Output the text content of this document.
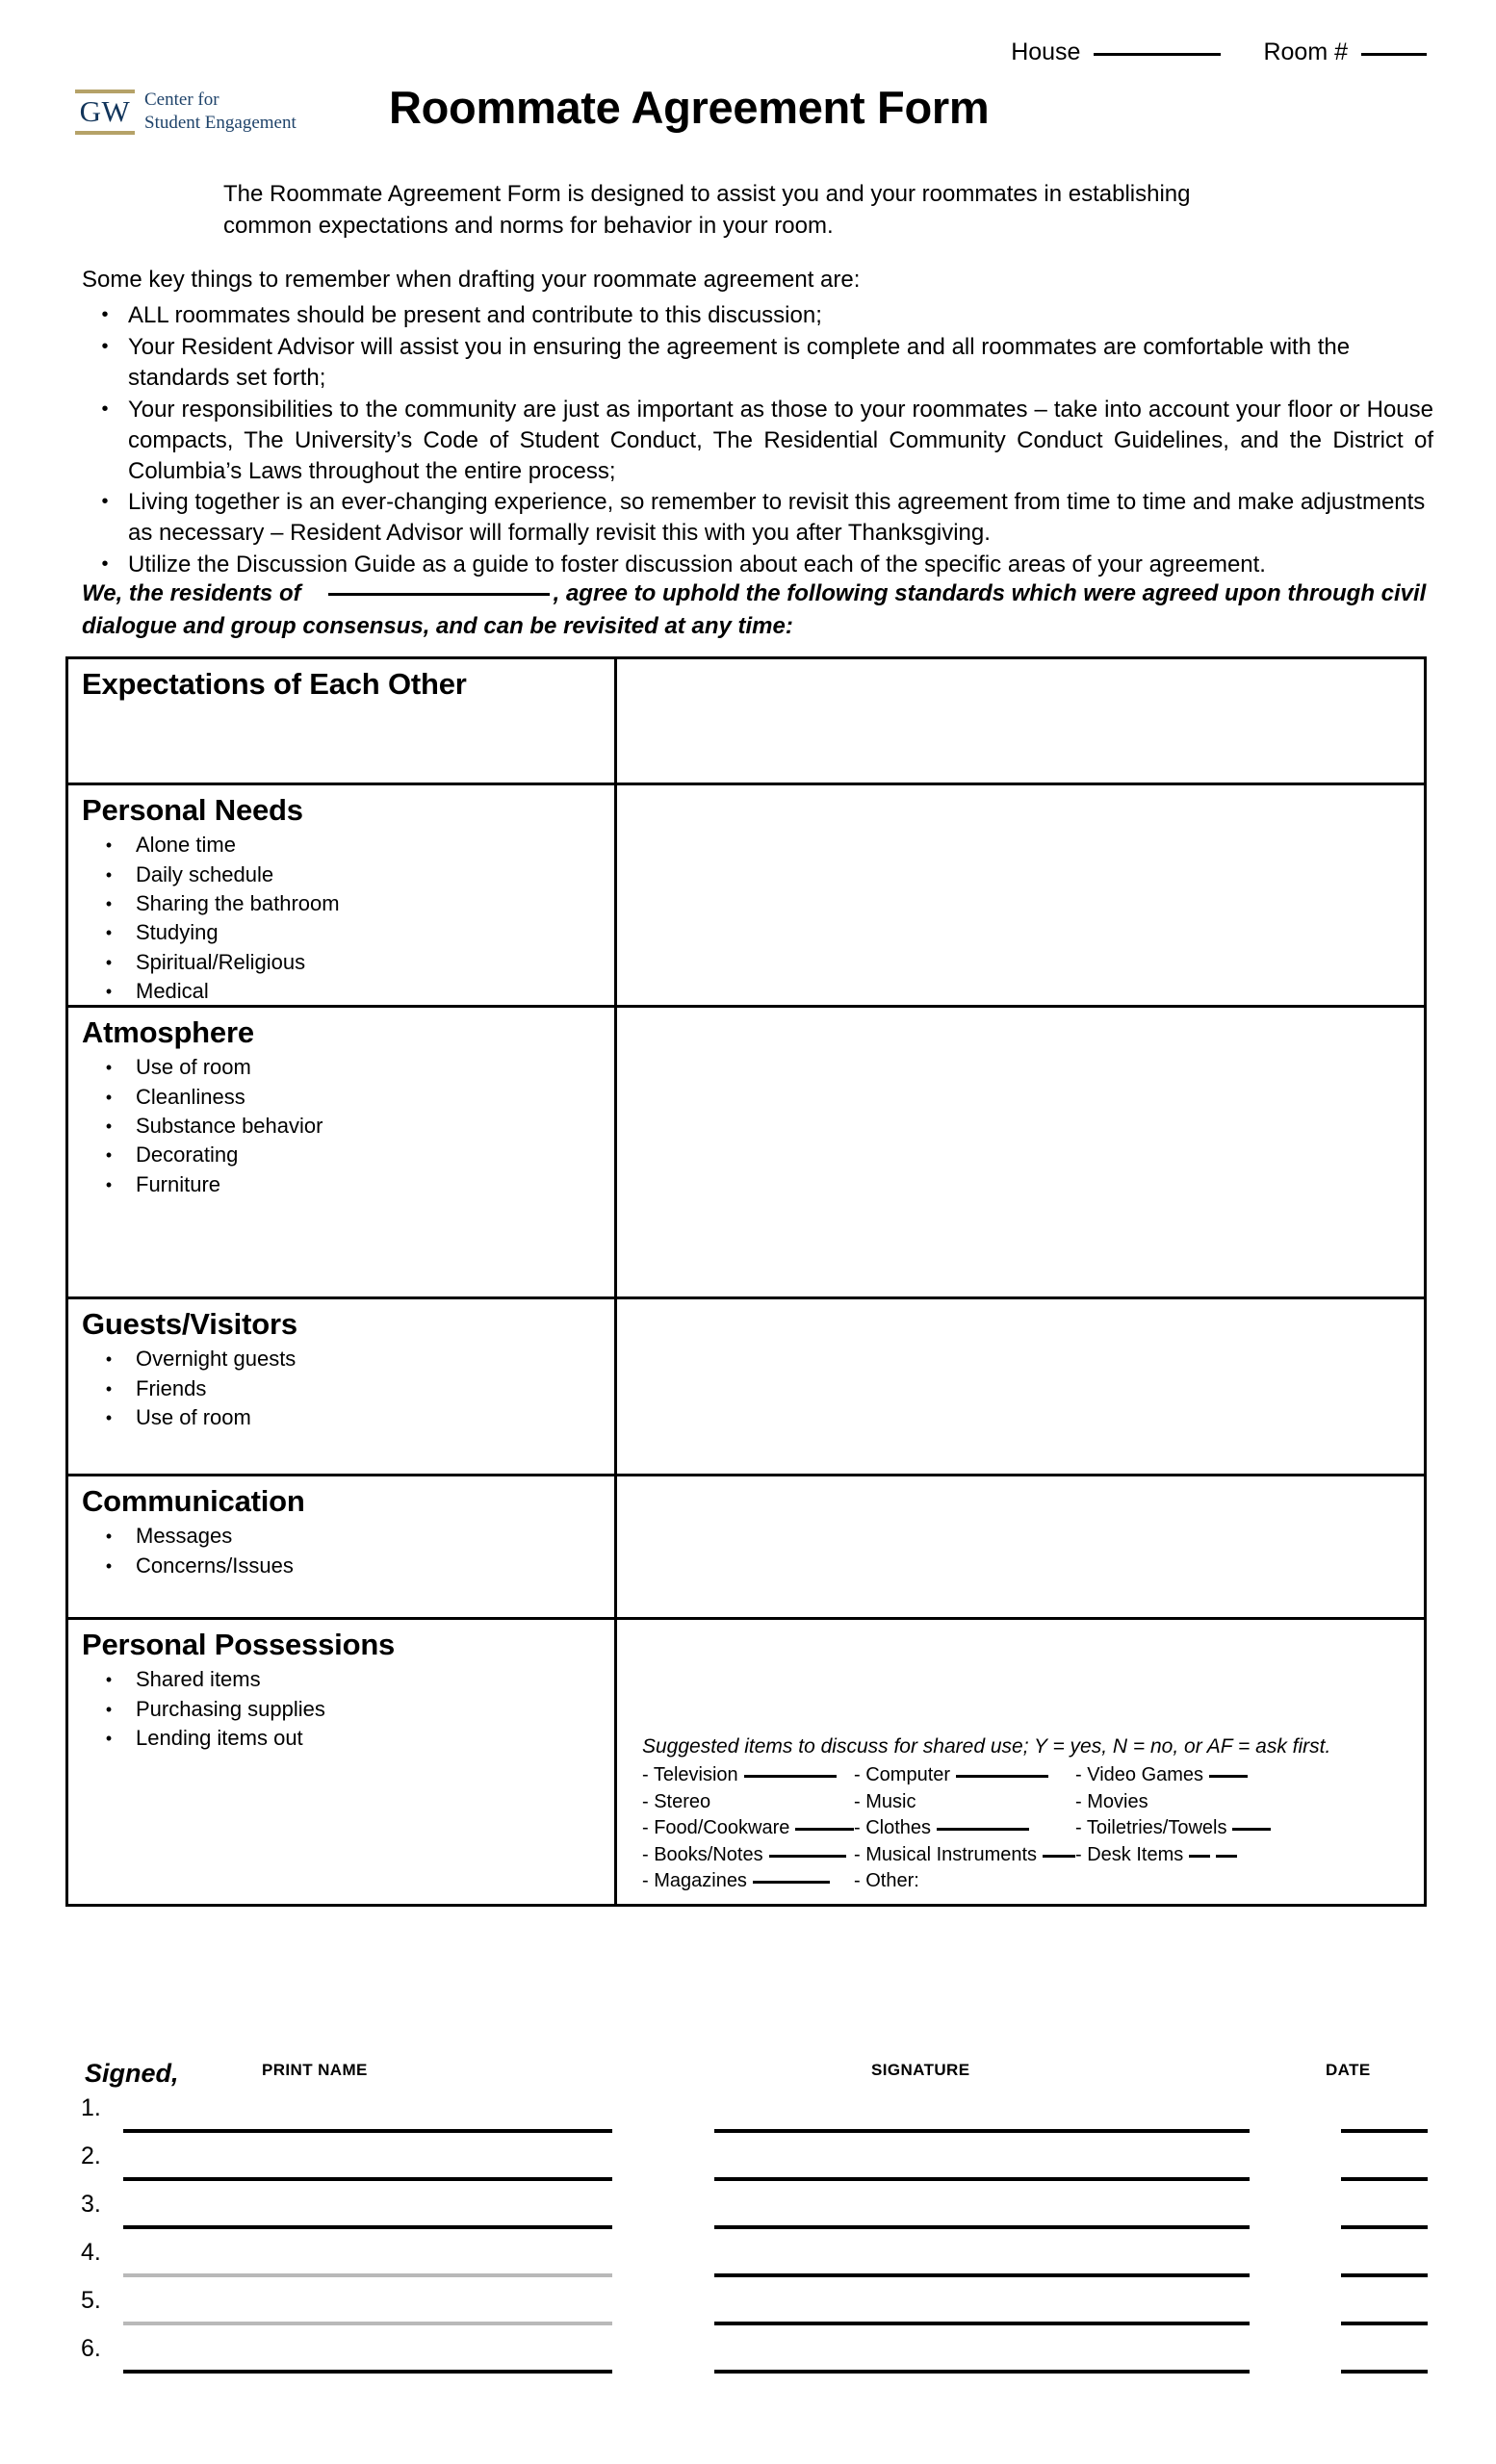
House	Room #
GW Center for
Student Engagement Roommate Agreement Form
The Roommate Agreement Form is designed to assist you and your roommates in establishing common expectations and norms for behavior in your room.
Some key things to remember when drafting your roommate agreement are:
• ALL roommates should be present and contribute to this discussion;
• Your Resident Advisor will assist you in ensuring the agreement is complete and all roommates are comfortable with the standards set forth;
• Your responsibilities to the community are just as important as those to your roommates – take into account your floor or House compacts, The University’s Code of Student Conduct, The Residential Community Conduct Guidelines, and the District of Columbia’s Laws throughout the entire process;
• Living together is an ever-changing experience, so remember to revisit this agreement from time to time and make adjustments as necessary – Resident Advisor will formally revisit this with you after Thanksgiving.
• Utilize the Discussion Guide as a guide to foster discussion about each of the specific areas of your agreement.
We, the residents of	, agree to uphold the following standards which were agreed upon through civil dialogue and group consensus, and can be revisited at any time:
Expectations of Each Other
Personal Needs
•	Alone time
•	Daily schedule
•	Sharing the bathroom
•	Studying
•	Spiritual/Religious
•	Medical
Atmosphere
•	Use of room
•	Cleanliness
•	Substance behavior
•	Decorating
•	Furniture
Guests/Visitors
•	Overnight guests
•	Friends
•	Use of room
Communication
•	Messages
•	Concerns/Issues
Personal Possessions
•	Shared items
•	Purchasing supplies
•	Lending items out	Suggested items to discuss for shared use; Y = yes, N = no, or AF = ask first.
- Television	- Computer	- Video Games
- Stereo	- Music	- Movies
- Food/Cookware	- Clothes	- Toiletries/Towels
- Books/Notes	- Musical Instruments - Desk Items
- Magazines	- Other:
Signed,	PRINT NAME	SIGNATURE	DATE
1.
2.
3.
4.
5.
6.
